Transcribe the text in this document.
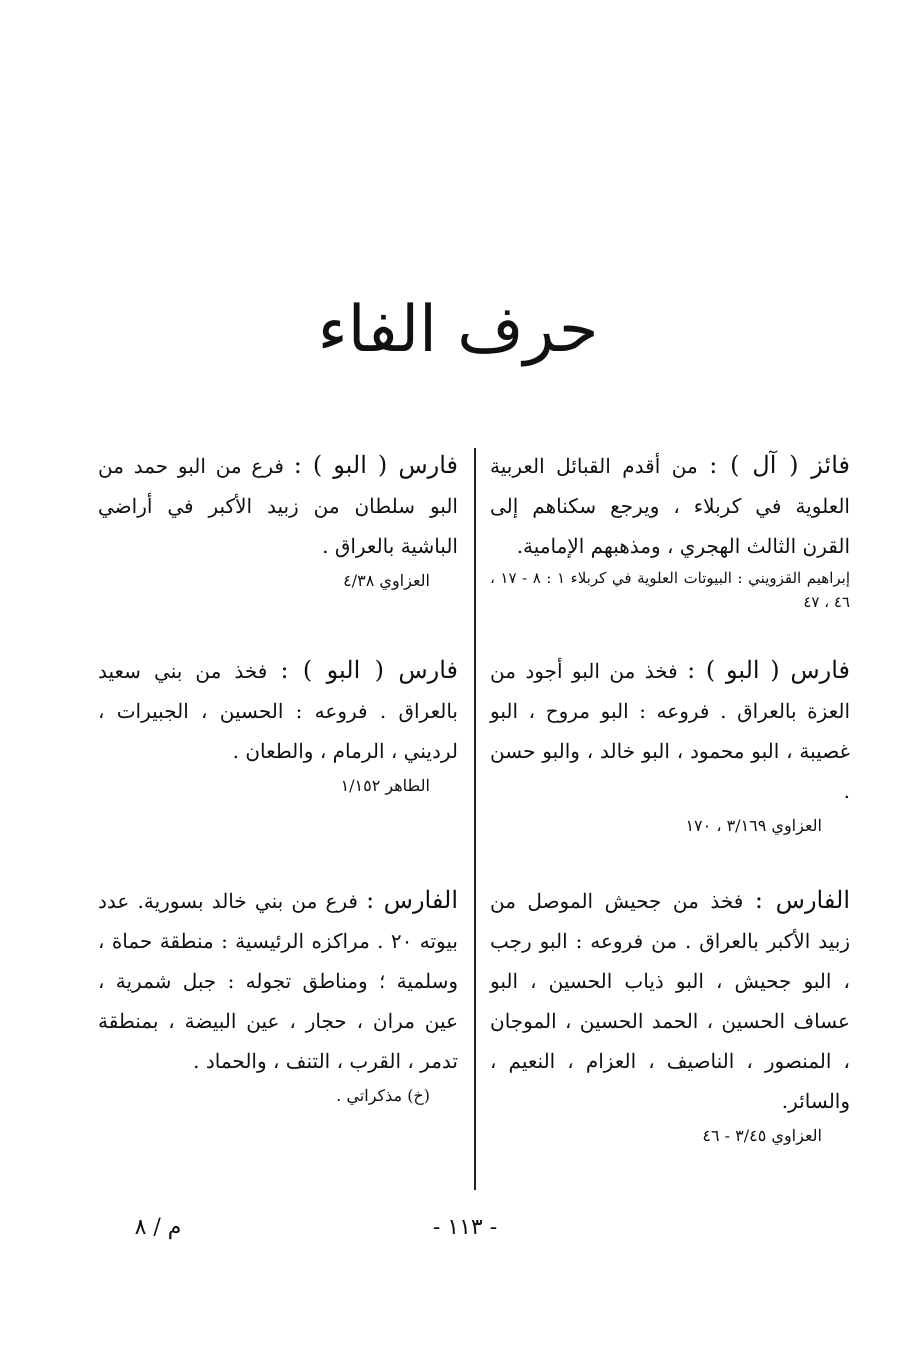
حرف الفاء

فائز ( آل ) : من أقدم القبائل العربية العلوية في كربلاء ، ويرجع سكناهم إلى القرن الثالث الهجري ، ومذهبهم الإمامية.

إبراهيم القزويني : البيوتات العلوية في كربلاء ١ : ٨ - ١٧ ، ٤٦ ، ٤٧

فارس ( البو ) : فخذ من البو أجود من العزة بالعراق . فروعه : البو مروح ، البو غصيبة ، البو محمود ، البو خالد ، والبو حسن .

العزاوي ٣/١٦٩ ، ١٧٠

الفارس : فخذ من جحيش الموصل من زبيد الأكبر بالعراق . من فروعه : البو رجب ، البو جحيش ، البو ذياب الحسين ، البو عساف الحسين ، الحمد الحسين ، الموجان ، المنصور ، الناصيف ، العزام ، النعيم ، والسائر.

العزاوي ٣/٤٥ - ٤٦

فارس ( البو ) : فرع من البو حمد من البو سلطان من زبيد الأكبر في أراضي الباشية بالعراق .

العزاوي ٤/٣٨

فارس ( البو ) : فخذ من بني سعيد بالعراق . فروعه : الحسين ، الجبيرات ، لرديني ، الرمام ، والطعان .

الطاهر ١/١٥٢

الفارس : فرع من بني خالد بسورية. عدد بيوته ٢٠ . مراكزه الرئيسية : منطقة حماة ، وسلمية ؛ ومناطق تجوله : جبل شمرية ، عين مران ، حجار ، عين البيضة ، بمنطقة تدمر ، القرب ، التنف ، والحماد .

(خ) مذكراتي .

- ١١٣ -
م / ٨
